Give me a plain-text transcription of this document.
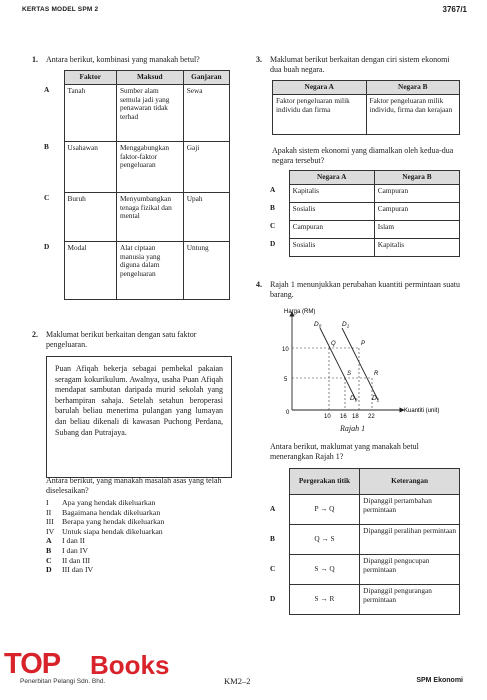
KERTAS MODEL SPM 2	3767/1
1. Antara berikut, kombinasi yang manakah betul?
	Faktor	Maksud	Ganjaran
A	Tanah	Sumber alam semula jadi yang penawaran tidak terhad	Sewa
B	Usahawan	Menggabungkan faktor-faktor pengeluaran	Gaji
C	Buruh	Menyumbangkan tenaga fizikal dan mental	Upah
D	Modal	Alat ciptaan manusia yang diguna dalam pengeluaran	Untung
2. Maklumat berikut berkaitan dengan satu faktor pengeluaran.
Puan Afiqah bekerja sebagai pembekal pakaian seragam kokurikulum. Awalnya, usaha Puan Afiqah mendapat sambutan daripada murid sekolah yang berhampiran sahaja. Setelah setahun beroperasi barulah beliau menerima pulangan yang lumayan dan beliau dikenali di kawasan Puchong Perdana, Subang dan Putrajaya.
Antara berikut, yang manakah masalah asas yang telah diselesaikan?
I Apa yang hendak dikeluarkan
II Bagaimana hendak dikeluarkan
III Berapa yang hendak dikeluarkan
IV Untuk siapa hendak dikeluarkan
A I dan II
B I dan IV
C II dan III
D III dan IV
3. Maklumat berikut berkaitan dengan ciri sistem ekonomi dua buah negara.
Negara A	Negara B
Faktor pengeluaran milik individu dan firma	Faktor pengeluaran milik individu, firma dan kerajaan
Apakah sistem ekonomi yang diamalkan oleh kedua-dua negara tersebut?
	Negara A	Negara B
A	Kapitalis	Campuran
B	Sosialis	Campuran
C	Campuran	Islam
D	Sosialis	Kapitalis
4. Rajah 1 menunjukkan perubahan kuantiti permintaan suatu barang.
Harga (RM)
Kuantiti (unit)
10
5
0
10 16 18 22
$D_0$	$D_1$
$D_0$ $D_1$
Q	P
S	R
Rajah 1
Antara berikut, maklumat yang manakah betul menerangkan Rajah 1?
	Pergerakan titik	Keterangan
A	P → Q	Dipanggil pertambahan permintaan
B	Q → S	Dipanggil peralihan permintaan
C	S → Q	Dipanggil pengucupan permintaan
D	S → R	Dipanggil pengurangan permintaan
TOP Books
Penerbitan Pelangi Sdn. Bhd.	KM2–2	SPM Ekonomi
